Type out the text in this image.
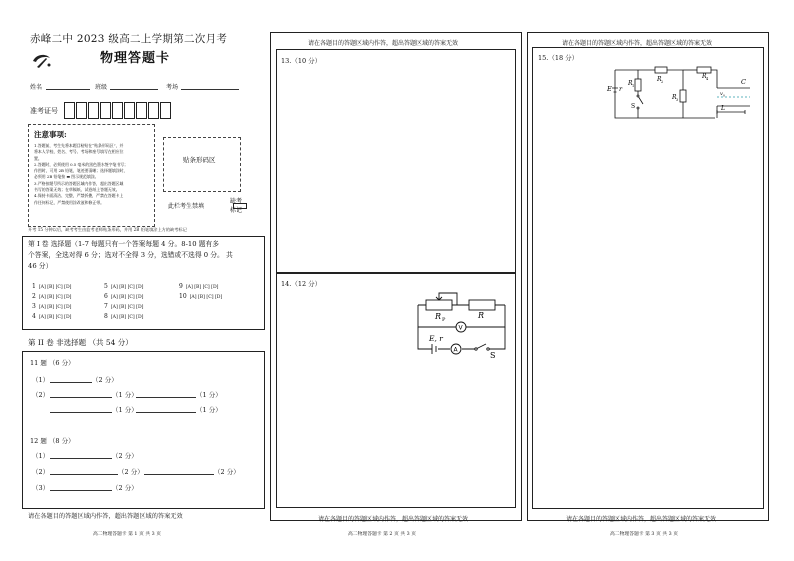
赤峰二中 2023 级高二上学期第二次月考
物理答题卡
姓名	班级	考场
准考证号
注意事项:
1.答题前，考生先将本题目粘贴在“贴条形码区”，并
将本人学校、姓名、考号、考场和座号填写在相应位
置。
2.答题时，必须使用 0.5 毫米的黑色墨水签字笔书写；
作图时，可用 2B 铅笔，笔迹要清晰；选择题填涂时，
必须用 2B 铅笔按 ▬ 图示规范填涂。
3.严格按题号所示的答题区域内作答，超出答题区域
书写的答案无效；在草稿纸、试卷纸上答题无效。
4.保持卡面清洁、完整，严禁折叠，严禁在答题卡上
作任何标记，严禁使用涂改液和修正带。
贴条形码区
此栏考生禁填
缺考
标记
开考 15 分钟以后，缺考考生由监考老师贴条形码，并用 2B 铅笔填涂上方的缺考标记
第 I 卷 选择题（1-7 每题只有一个答案每题 4 分。8-10 题有多
个答案，全选对得 6 分；选对不全得 3 分，选错或不选得 0 分。 共
46 分）
1 [A] [B] [C] [D]
2 [A] [B] [C] [D]
3 [A] [B] [C] [D]
4 [A] [B] [C] [D]
5 [A] [B] [C] [D]
6 [A] [B] [C] [D]
7 [A] [B] [C] [D]
8 [A] [B] [C] [D]
9 [A] [B] [C] [D]
10 [A] [B] [C] [D]
第 II 卷 非选择题 （共 54 分）
11 题 （6 分）
（1）	（2 分）
（2）	（1 分）	（1 分）
（1 分）	（1 分）
12 题 （8 分）
（1）	（2 分）
（2）	（2 分）	（2 分）
（3）	（2 分）
请在各题目的答题区域内作答，超出答题区域的答案无效
高二物理答题卡 第 1 页 共 3 页
请在各题目的答题区域内作答，超出答题区域的答案无效
13.（10 分）
14.（12 分）
R P	R
V
A
E, r
S
请在各题目的答题区域内作答，超出答题区域的答案无效
高二物理答题卡 第 2 页 共 3 页
请在各题目的答题区域内作答，超出答题区域的答案无效
15.（18 分）
E r
R 1
R 2
R 3
R 4
S
C
v 0
L
请在各题目的答题区域内作答，超出答题区域的答案无效
高二物理答题卡 第 3 页 共 3 页
